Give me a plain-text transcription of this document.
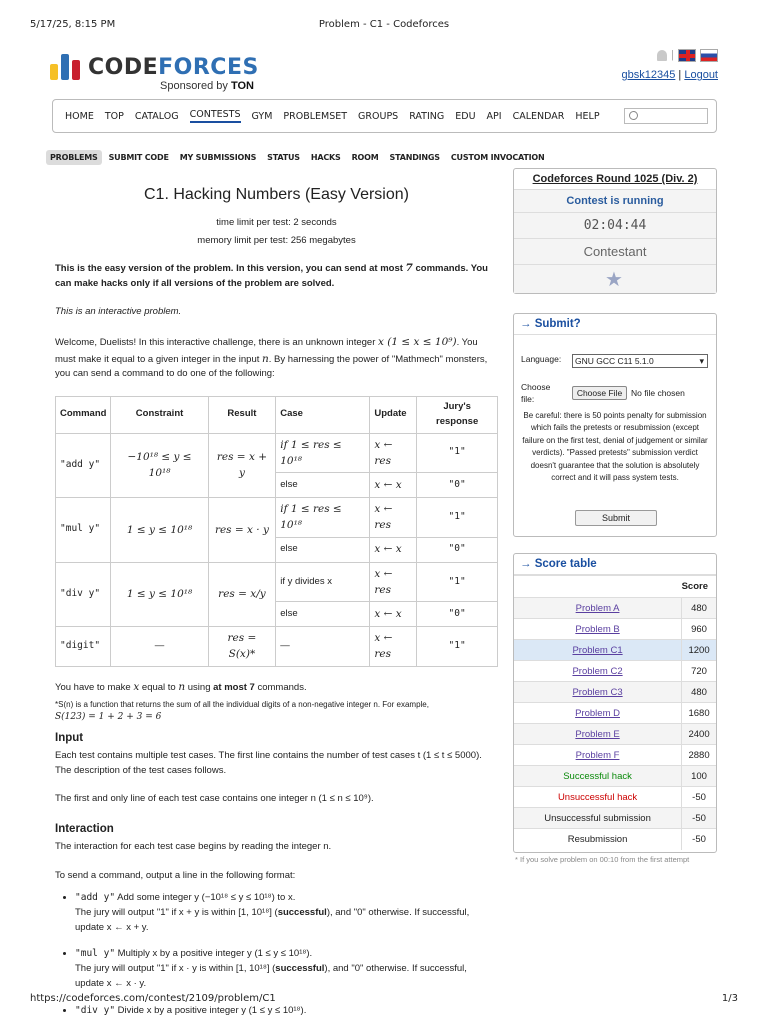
5/17/25, 8:15 PM	Problem - C1 - Codeforces
CODEFORCES
Sponsored by TON
|
gbsk12345 | Logout
HOME TOP CATALOG CONTESTS GYM PROBLEMSET GROUPS RATING EDU API CALENDAR HELP
PROBLEMS	SUBMIT CODE	MY SUBMISSIONS	STATUS	HACKS	ROOM	STANDINGS	CUSTOM INVOCATION
C1. Hacking Numbers (Easy Version)
time limit per test: 2 seconds
memory limit per test: 256 megabytes

This is the easy version of the problem. In this version, you can send at most 7 commands. You can make hacks only if all versions of the problem are solved.

This is an interactive problem.

Welcome, Duelists! In this interactive challenge, there is an unknown integer x (1 ≤ x ≤ 10⁹). You must make it equal to a given integer in the input n. By harnessing the power of "Mathmech" monsters, you can send a command to do one of the following:

Command	Constraint	Result	Case	Update	Jury's response
"add y"	−10¹⁸ ≤ y ≤ 10¹⁸	res = x + y	if 1 ≤ res ≤ 10¹⁸	x ← res	"1"
			else	x ← x	"0"
"mul y"	1 ≤ y ≤ 10¹⁸	res = x · y	if 1 ≤ res ≤ 10¹⁸	x ← res	"1"
			else	x ← x	"0"
"div y"	1 ≤ y ≤ 10¹⁸	res = x/y	if y divides x	x ← res	"1"
			else	x ← x	"0"
"digit"	—	res = S(x)*	—	x ← res	"1"

You have to make x equal to n using at most 7 commands.

*S(n) is a function that returns the sum of all the individual digits of a non-negative integer n. For example,
S(123) = 1 + 2 + 3 = 6
Input

Each test contains multiple test cases. The first line contains the number of test cases t (1 ≤ t ≤ 5000). The description of the test cases follows.

The first and only line of each test case contains one integer n (1 ≤ n ≤ 10⁹).

Interaction

The interaction for each test case begins by reading the integer n.

To send a command, output a line in the following format:

• "add y" Add some integer y (−10¹⁸ ≤ y ≤ 10¹⁸) to x.
The jury will output "1" if x + y is within [1, 10¹⁸] (successful), and "0" otherwise. If successful, update x ← x + y.
• "mul y" Multiply x by a positive integer y (1 ≤ y ≤ 10¹⁸).
The jury will output "1" if x · y is within [1, 10¹⁸] (successful), and "0" otherwise. If successful, update x ← x · y.
• "div y" Divide x by a positive integer y (1 ≤ y ≤ 10¹⁸).
Codeforces Round 1025 (Div. 2)
Contest is running
02:04:44
Contestant
★
→ Submit?
Language:	GNU GCC C11 5.1.0	▾
Choose file:
Choose File	No file chosen
Be careful: there is 50 points penalty for submission which fails the pretests or resubmission (except failure on the first test, denial of judgement or similar verdicts). "Passed pretests" submission verdict doesn't guarantee that the solution is absolutely correct and it will pass system tests.
Submit
→ Score table
	Score
Problem A	480
Problem B	960
Problem C1	1200
Problem C2	720
Problem C3	480
Problem D	1680
Problem E	2400
Problem F	2880
Successful hack	100
Unsuccessful hack	-50
Unsuccessful submission	-50
Resubmission	-50
* If you solve problem on 00:10 from the first attempt
https://codeforces.com/contest/2109/problem/C1	1/3
